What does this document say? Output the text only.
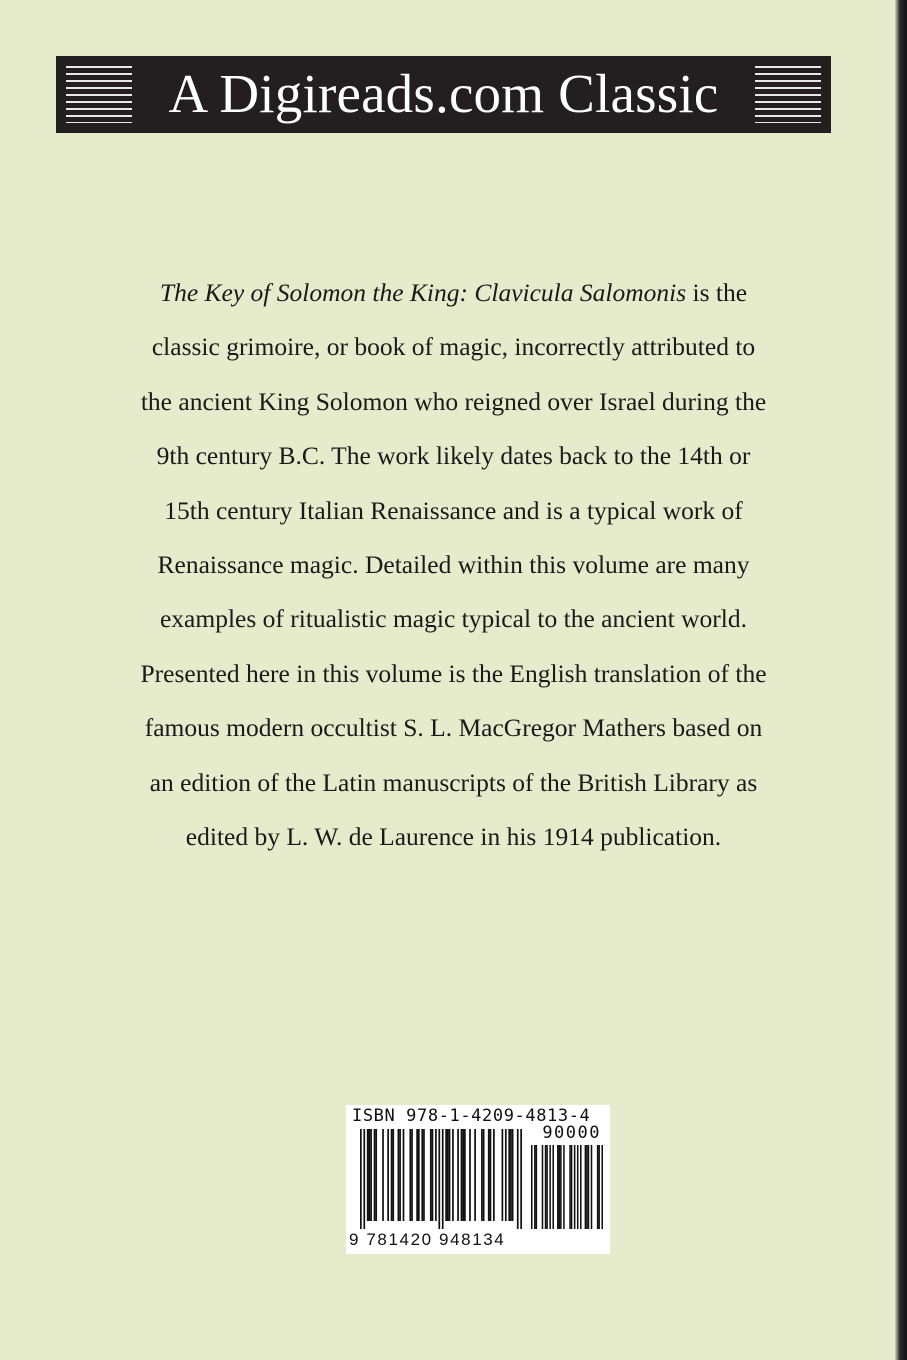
A Digireads.com Classic
The Key of Solomon the King: Clavicula Salomonis is the
classic grimoire, or book of magic, incorrectly attributed to
the ancient King Solomon who reigned over Israel during the
9th century B.C. The work likely dates back to the 14th or
15th century Italian Renaissance and is a typical work of
Renaissance magic. Detailed within this volume are many
examples of ritualistic magic typical to the ancient world.
Presented here in this volume is the English translation of the
famous modern occultist S. L. MacGregor Mathers based on
an edition of the Latin manuscripts of the British Library as
edited by L. W. de Laurence in his 1914 publication.
ISBN 978-1-4209-4813-4
90000
9 781420 948134
